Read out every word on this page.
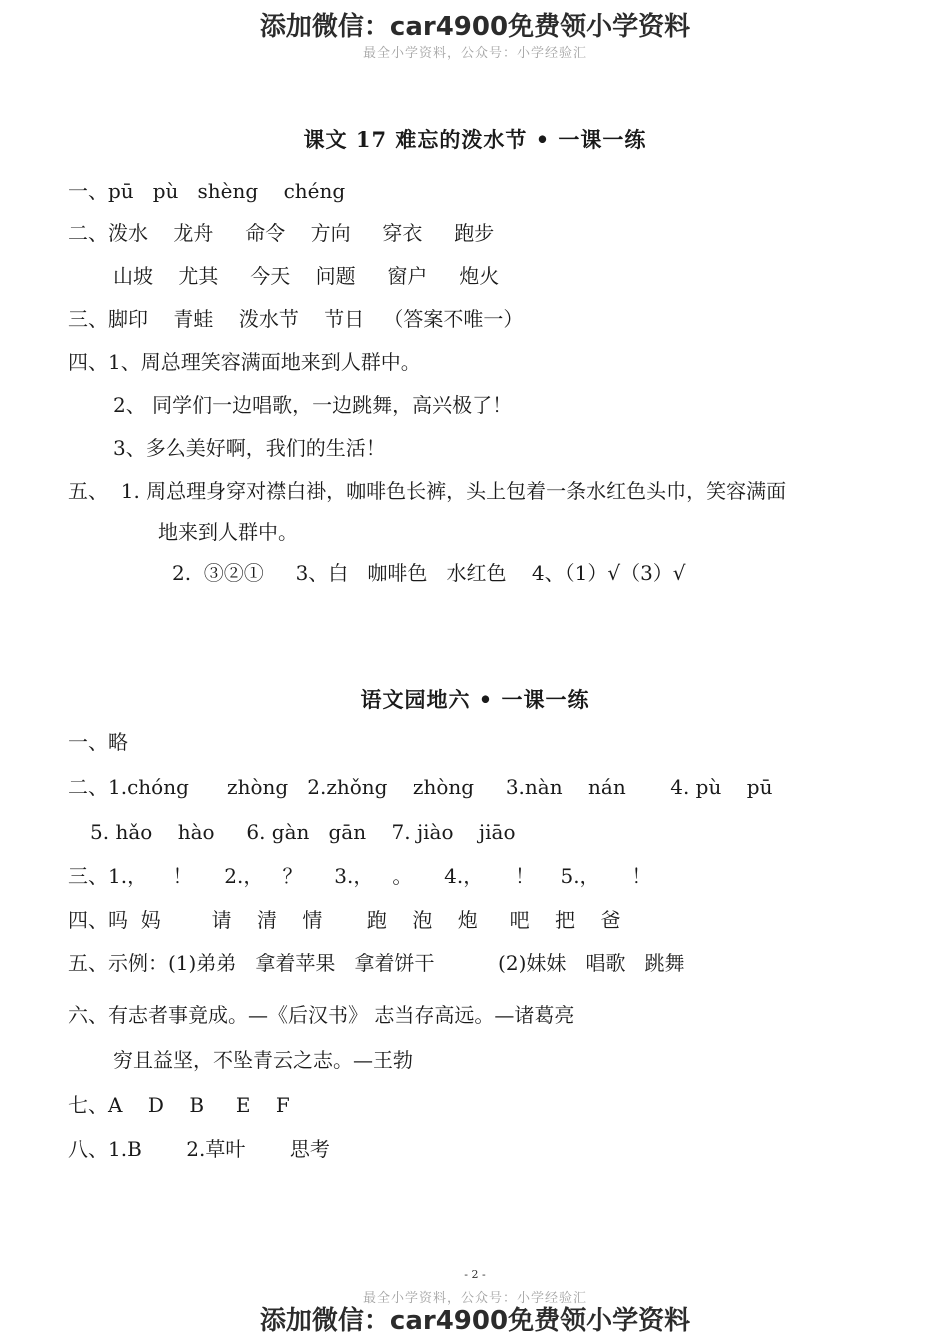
添加微信：car4900免费领小学资料
最全小学资料，公众号：小学经验汇
课文 17 难忘的泼水节 • 一课一练
一、pū   pù   shèng    chéng
二、泼水    龙舟     命令    方向     穿衣     跑步
山坡    尤其     今天    问题     窗户     炮火
三、脚印    青蛙    泼水节    节日   （答案不唯一）
四、1、周总理笑容满面地来到人群中。
2、 同学们一边唱歌，一边跳舞，高兴极了！
3、多么美好啊，我们的生活！
五、  1. 周总理身穿对襟白褂，咖啡色长裤，头上包着一条水红色头巾，笑容满面
地来到人群中。
2.  ③②①     3、白   咖啡色   水红色    4、（1）√（3）√
语文园地六 • 一课一练
一、略
二、1.chóng      zhòng   2.zhǒng    zhòng     3.nàn    nán       4. pù    pū
5. hǎo    hào     6. gàn   gān    7. jiào    jiāo
三、1.，    ！     2.，   ？     3.，   。     4.，     ！    5.，     ！
四、吗  妈        请    清    情       跑    泡    炮     吧    把    爸
五、示例：(1)弟弟   拿着苹果   拿着饼干          (2)妹妹   唱歌   跳舞
六、有志者事竟成。—《后汉书》 志当存高远。—诸葛亮
穷且益坚，不坠青云之志。—王勃
七、A    D    B     E    F
八、1.B       2.草叶       思考
- 2 -
最全小学资料，公众号：小学经验汇
添加微信：car4900免费领小学资料
